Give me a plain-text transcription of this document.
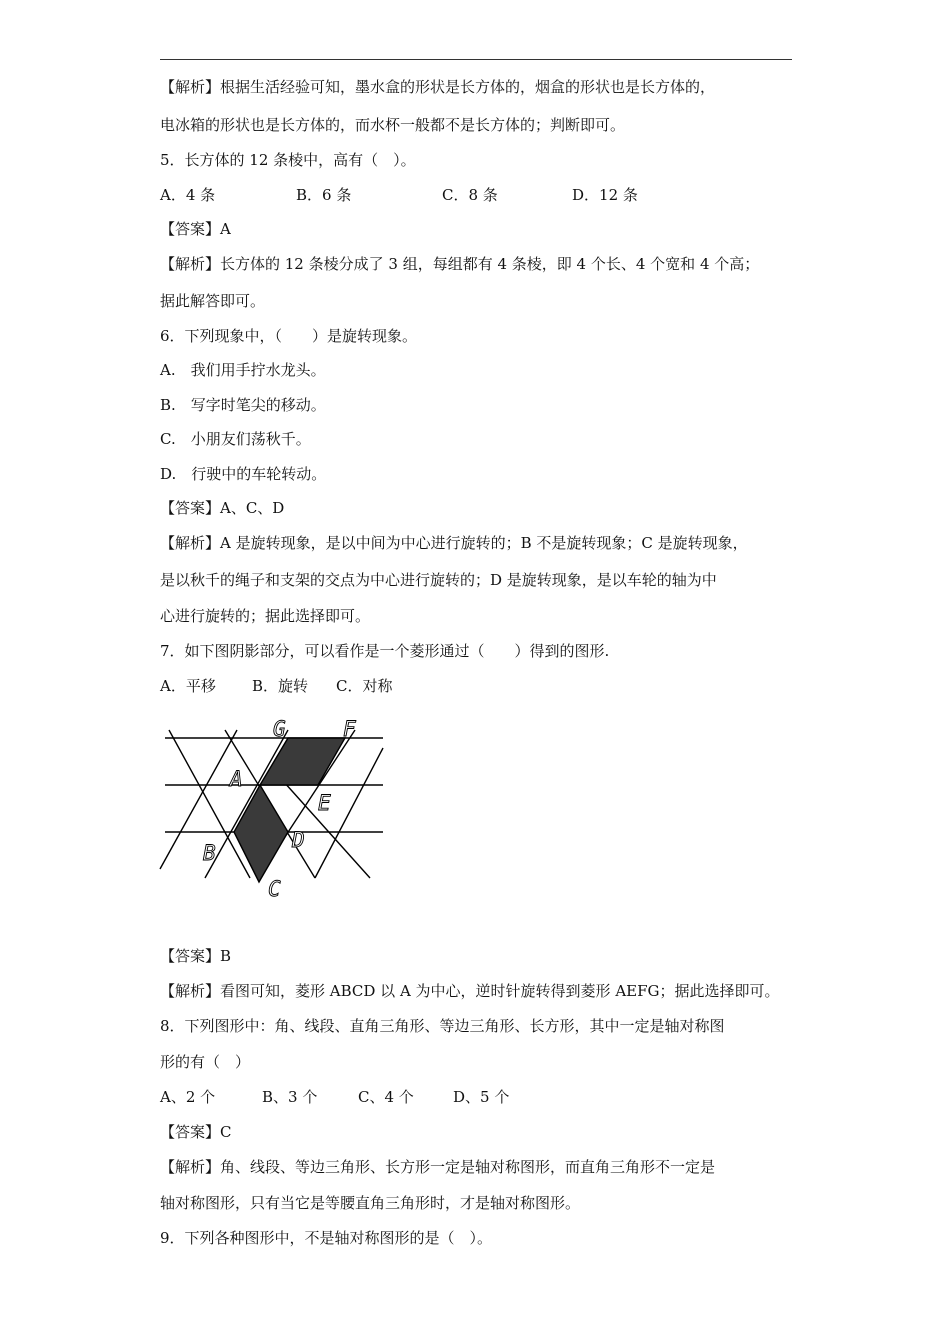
【解析】根据生活经验可知，墨水盒的形状是长方体的，烟盒的形状也是长方体的，
电冰箱的形状也是长方体的，而水杯一般都不是长方体的；判断即可。
5．长方体的 12 条棱中，高有（　）。
A．4 条	B．6 条	C．8 条	D．12 条
【答案】A
【解析】长方体的 12 条棱分成了 3 组，每组都有 4 条棱，即 4 个长、4 个宽和 4 个高；
据此解答即可。
6．下列现象中，（　　）是旋转现象。
A.　我们用手拧水龙头。
B.　写字时笔尖的移动。
C.　小朋友们荡秋千。
D.　行驶中的车轮转动。
【答案】A、C、D
【解析】A 是旋转现象，是以中间为中心进行旋转的；B 不是旋转现象；C 是旋转现象，
是以秋千的绳子和支架的交点为中心进行旋转的；D 是旋转现象，是以车轮的轴为中
心进行旋转的；据此选择即可。
7．如下图阴影部分，可以看作是一个菱形通过（　　）得到的图形.
A．平移 B．旋转 C．对称
G	F
A
E
D
B
C
【答案】B
【解析】看图可知，菱形 ABCD 以 A 为中心，逆时针旋转得到菱形 AEFG；据此选择即可。
8．下列图形中：角、线段、直角三角形、等边三角形、长方形，其中一定是轴对称图
形的有（　）
A、2 个	B、3 个	C、4 个	D、5 个
【答案】C
【解析】角、线段、等边三角形、长方形一定是轴对称图形，而直角三角形不一定是
轴对称图形，只有当它是等腰直角三角形时，才是轴对称图形。
9．下列各种图形中，不是轴对称图形的是（　）。
